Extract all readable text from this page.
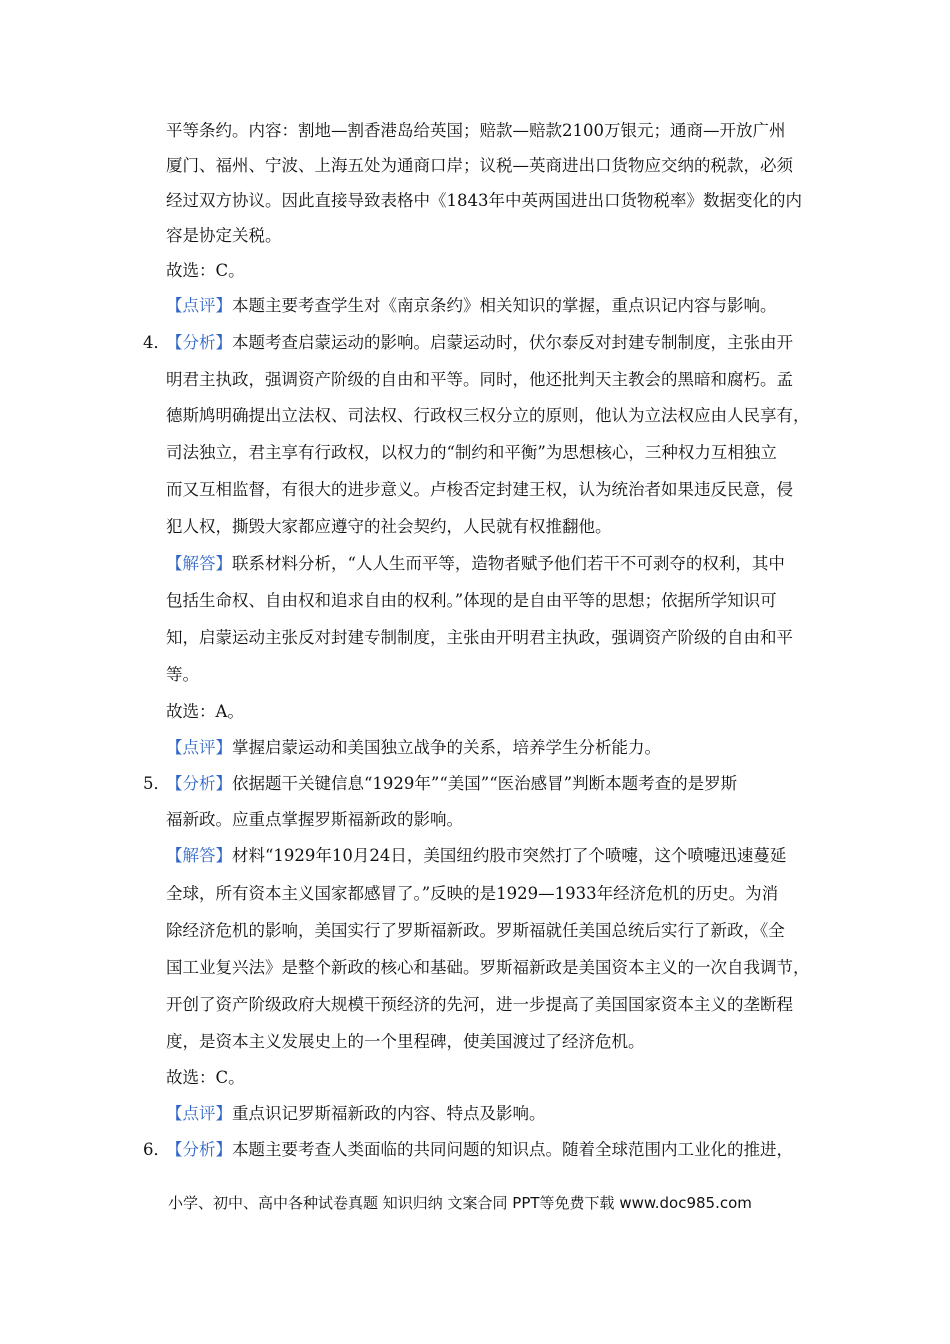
平等条约。内容：割地—割香港岛给英国；赔款—赔款2100万银元；通商—开放广州
厦门、福州、宁波、上海五处为通商口岸；议税—英商进出口货物应交纳的税款，必须
经过双方协议。因此直接导致表格中《1843年中英两国进出口货物税率》数据变化的内
容是协定关税。
故选：C。
【点评】本题主要考查学生对《南京条约》相关知识的掌握，重点识记内容与影响。
4．
【分析】本题考查启蒙运动的影响。启蒙运动时，伏尔泰反对封建专制制度，主张由开
明君主执政，强调资产阶级的自由和平等。同时，他还批判天主教会的黑暗和腐朽。孟
德斯鸠明确提出立法权、司法权、行政权三权分立的原则，他认为立法权应由人民享有，
司法独立，君主享有行政权，以权力的“制约和平衡”为思想核心，三种权力互相独立
而又互相监督，有很大的进步意义。卢梭否定封建王权，认为统治者如果违反民意，侵
犯人权，撕毁大家都应遵守的社会契约，人民就有权推翻他。
【解答】联系材料分析，“人人生而平等，造物者赋予他们若干不可剥夺的权利，其中
包括生命权、自由权和追求自由的权利。”体现的是自由平等的思想；依据所学知识可
知，启蒙运动主张反对封建专制制度，主张由开明君主执政，强调资产阶级的自由和平
等。
故选：A。
【点评】掌握启蒙运动和美国独立战争的关系，培养学生分析能力。
5．
【分析】依据题干关键信息“1929年”“美国”“医治感冒”判断本题考查的是罗斯
福新政。应重点掌握罗斯福新政的影响。
【解答】材料“1929年10月24日，美国纽约股市突然打了个喷嚏，这个喷嚏迅速蔓延
全球，所有资本主义国家都感冒了。”反映的是1929—1933年经济危机的历史。为消
除经济危机的影响，美国实行了罗斯福新政。罗斯福就任美国总统后实行了新政，《全
国工业复兴法》是整个新政的核心和基础。罗斯福新政是美国资本主义的一次自我调节，
开创了资产阶级政府大规模干预经济的先河，进一步提高了美国国家资本主义的垄断程
度，是资本主义发展史上的一个里程碑，使美国渡过了经济危机。
故选：C。
【点评】重点识记罗斯福新政的内容、特点及影响。
6．
【分析】本题主要考查人类面临的共同问题的知识点。随着全球范围内工业化的推进，
小学、初中、高中各种试卷真题 知识归纳 文案合同 PPT等免费下载 www.doc985.com
